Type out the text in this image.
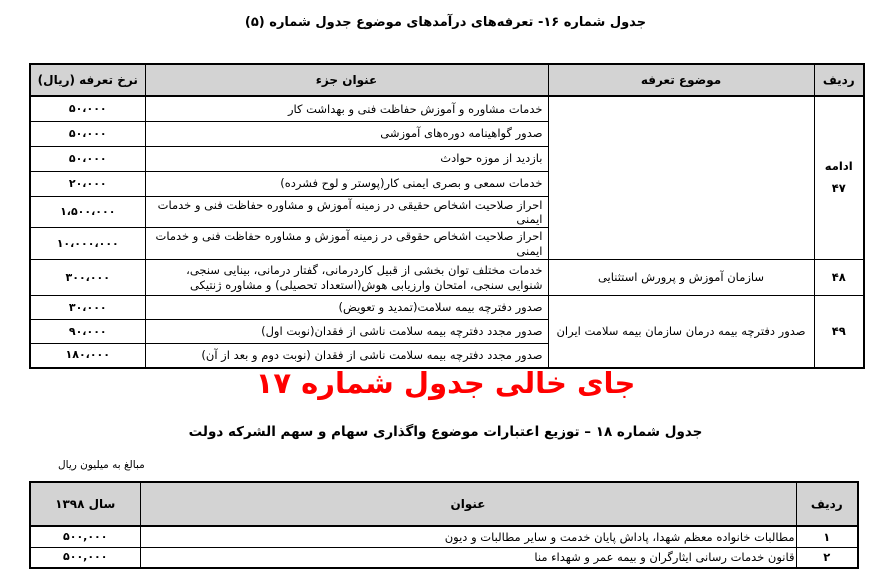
جدول شماره ۱۶- تعرفه‌های درآمدهای موضوع جدول شماره (۵)
ردیف	موضوع تعرفه	عنوان جزء	نرخ تعرفه (ریال)

ادامه
۴۷		خدمات مشاوره و آموزش حفاظت فنی و بهداشت کار	۵۰،۰۰۰
		صدور گواهینامه دوره‌های آموزشی	۵۰،۰۰۰
		بازدید از موزه حوادث	۵۰،۰۰۰
		خدمات سمعی و بصری ایمنی کار(پوستر و لوح فشرده)	۲۰،۰۰۰
		احراز صلاحیت اشخاص حقیقی در زمینه آموزش و مشاوره حفاظت فنی و خدمات ایمنی	۱،۵۰۰،۰۰۰
		احراز صلاحیت اشخاص حقوقی در زمینه آموزش و مشاوره حفاظت فنی و خدمات ایمنی	۱۰،۰۰۰،۰۰۰
۴۸	سازمان آموزش و پرورش استثنایی	خدمات مختلف توان بخشی از قبیل کاردرمانی، گفتار درمانی، بینایی سنجی، شنوایی سنجی، امتحان وارزیابی هوش(استعداد تحصیلی) و مشاوره ژنتیکی	۳۰۰،۰۰۰
۴۹	صدور دفترچه بیمه درمان سازمان بیمه سلامت ایران	صدور دفترچه بیمه سلامت(تمدید و تعویض)	۳۰،۰۰۰
		صدور مجدد دفترچه بیمه سلامت ناشی از فقدان(نوبت اول)	۹۰،۰۰۰
		صدور مجدد دفترچه بیمه سلامت ناشی از فقدان (نوبت دوم و بعد از آن)	۱۸۰،۰۰۰
جای خالی جدول شماره ۱۷
جدول شماره ۱۸ – توزیع اعتبارات موضوع واگذاری سهام و سهم الشرکه دولت
مبالغ به میلیون ریال
ردیف	عنوان	سال ۱۳۹۸
۱	مطالبات خانواده معظم شهدا، پاداش پایان خدمت و سایر مطالبات و دیون	۵۰۰,۰۰۰
۲	قانون خدمات رسانی ایثارگران و بیمه عمر و شهداء منا	۵۰۰,۰۰۰
